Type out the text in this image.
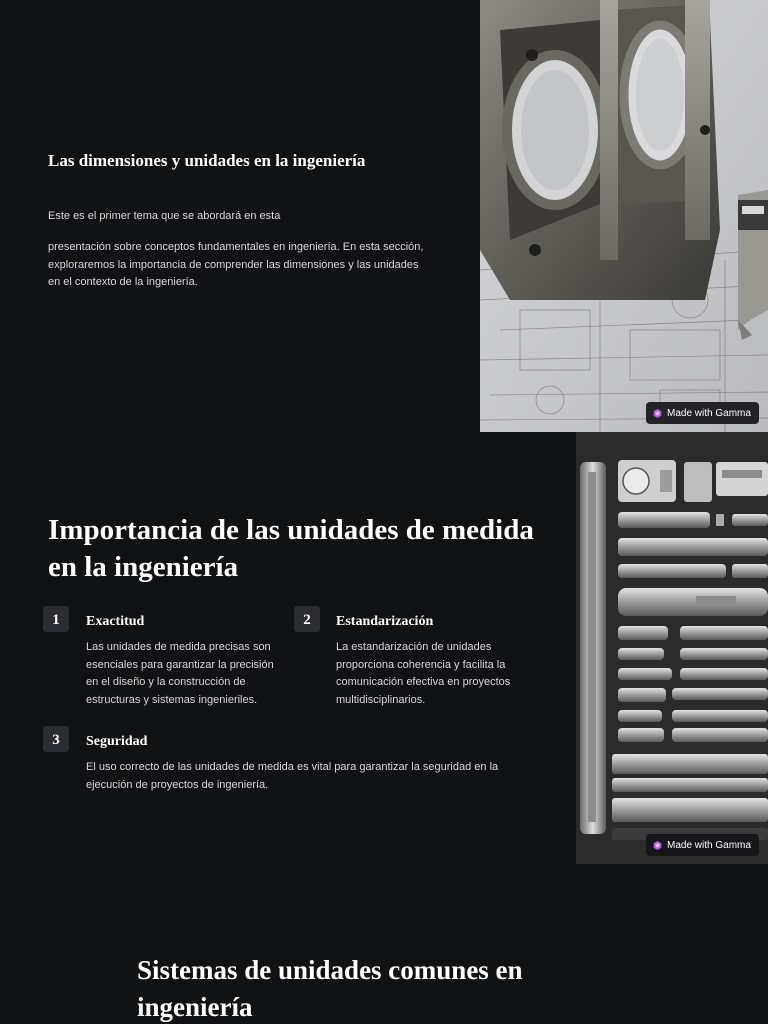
Las dimensiones y unidades en la ingeniería
Este es el primer tema que se abordará en esta
presentación sobre conceptos fundamentales en ingeniería. En esta sección, exploraremos la importancia de comprender las dimensiones y las unidades en el contexto de la ingeniería.
Made with Gamma
Importancia de las unidades de medida en la ingeniería
1	Exactitud
Las unidades de medida precisas son esenciales para garantizar la precisión en el diseño y la construcción de estructuras y sistemas ingenieriles.
2	Estandarización
La estandarización de unidades proporciona coherencia y facilita la comunicación efectiva en proyectos multidisciplinarios.
3	Seguridad
El uso correcto de las unidades de medida es vital para garantizar la seguridad en la ejecución de proyectos de ingeniería.
Made with Gamma
Sistemas de unidades comunes en ingeniería
